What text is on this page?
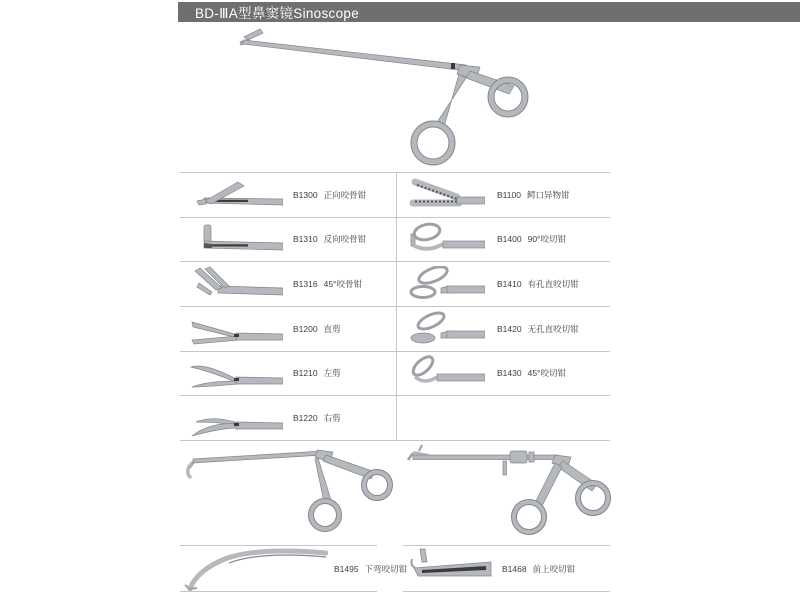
BD-ⅢA型鼻窦镜Sinoscope
B1300 正向咬骨钳	B1100 鳄口异物钳
B1310 反向咬骨钳	B1400 90°咬切钳
B1316 45°咬骨钳	B1410 有孔直咬切钳
B1200 直剪	B1420 无孔直咬切钳
B1210 左剪	B1430 45°咬切钳
B1220 右剪
B1495 下弯咬切钳	B1468 前上咬切钳
